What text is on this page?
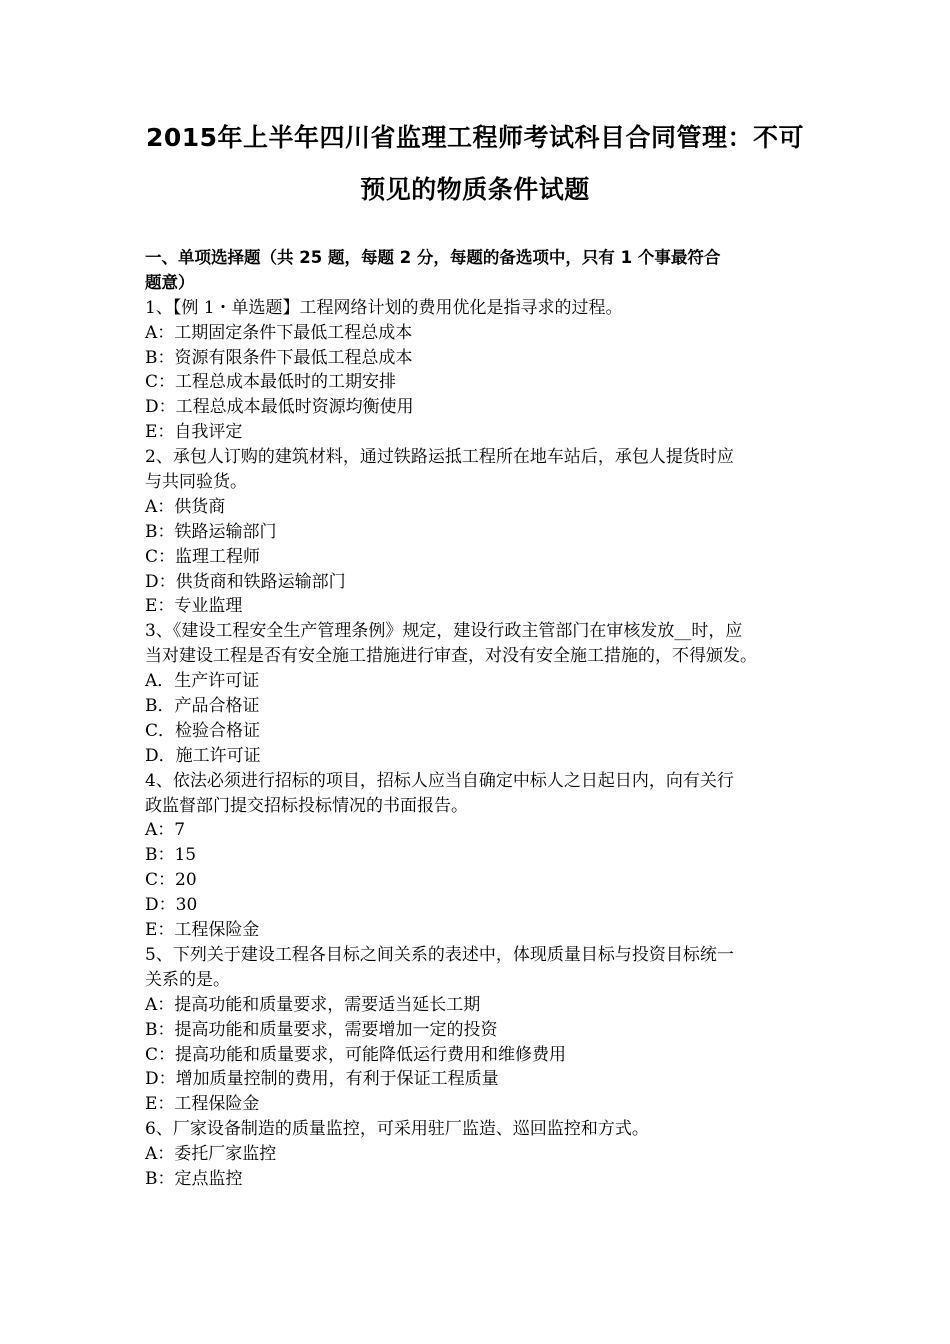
2015年上半年四川省监理工程师考试科目合同管理：不可
预见的物质条件试题
一、单项选择题（共 25 题，每题 2 分，每题的备选项中，只有 1 个事最符合
题意）
1、【例 1・单选题】工程网络计划的费用优化是指寻求的过程。
A：工期固定条件下最低工程总成本
B：资源有限条件下最低工程总成本
C：工程总成本最低时的工期安排
D：工程总成本最低时资源均衡使用
E：自我评定
2、承包人订购的建筑材料，通过铁路运抵工程所在地车站后，承包人提货时应
与共同验货。
A：供货商
B：铁路运输部门
C：监理工程师
D：供货商和铁路运输部门
E：专业监理
3、《建设工程安全生产管理条例》规定，建设行政主管部门在审核发放__时，应
当对建设工程是否有安全施工措施进行审查，对没有安全施工措施的，不得颁发。
A．生产许可证
B．产品合格证
C．检验合格证
D．施工许可证
4、依法必须进行招标的项目，招标人应当自确定中标人之日起日内，向有关行
政监督部门提交招标投标情况的书面报告。
A：7
B：15
C：20
D：30
E：工程保险金
5、下列关于建设工程各目标之间关系的表述中，体现质量目标与投资目标统一
关系的是。
A：提高功能和质量要求，需要适当延长工期
B：提高功能和质量要求，需要增加一定的投资
C：提高功能和质量要求，可能降低运行费用和维修费用
D：增加质量控制的费用，有利于保证工程质量
E：工程保险金
6、厂家设备制造的质量监控，可采用驻厂监造、巡回监控和方式。
A：委托厂家监控
B：定点监控
